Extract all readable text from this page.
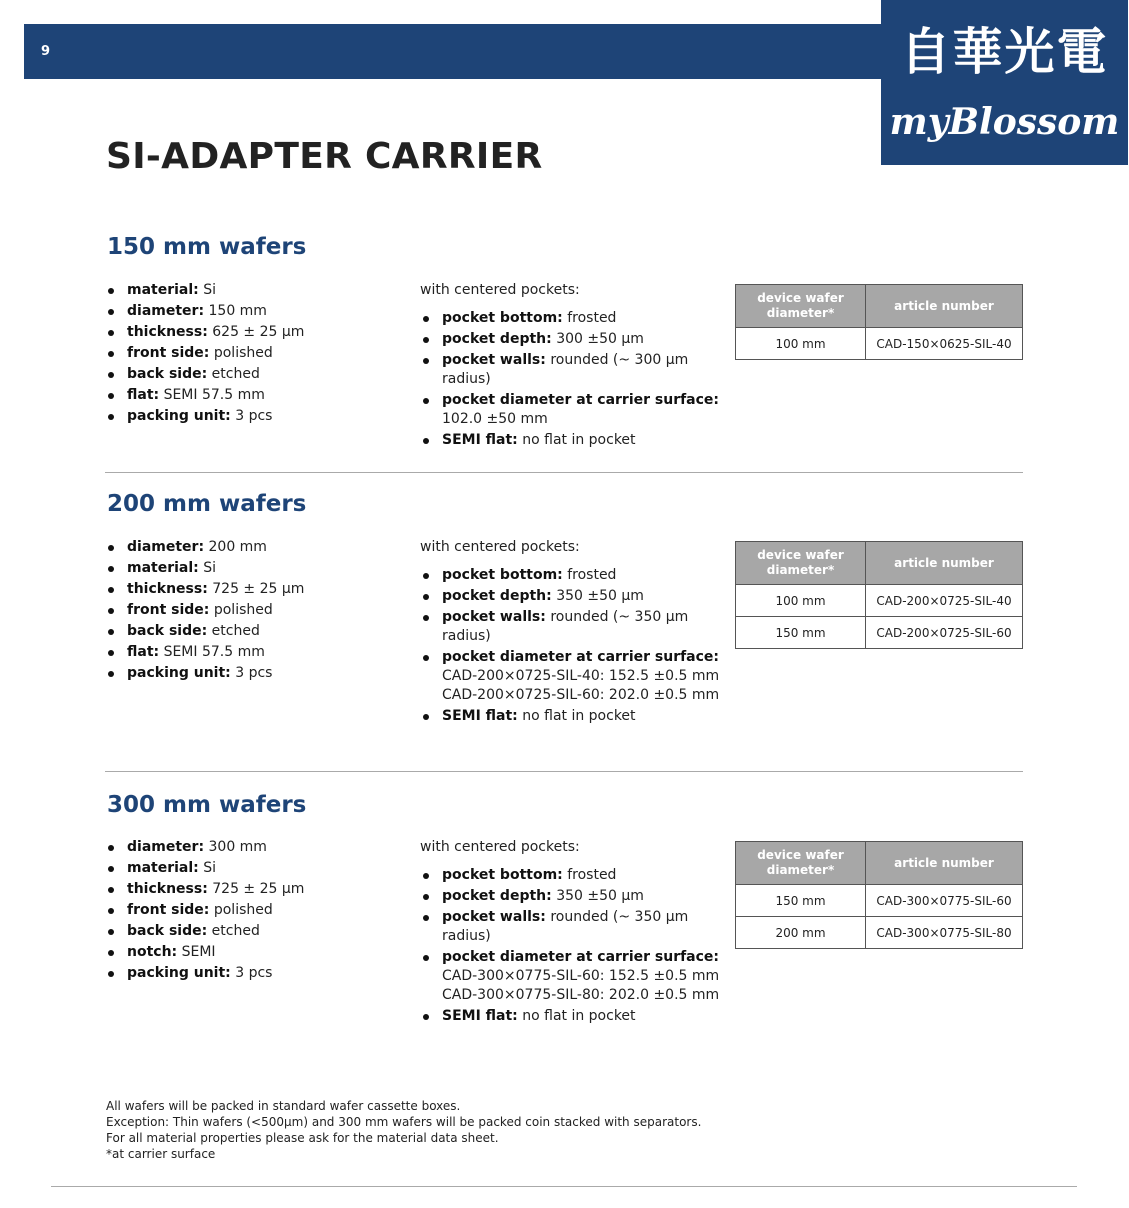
9	自華光電
myBlossom
SI-ADAPTER CARRIER
150 mm wafers
material: Si
diameter: 150 mm
thickness: 625 ± 25 µm
front side: polished
back side: etched
flat: SEMI 57.5 mm
packing unit: 3 pcs
with centered pockets:
pocket bottom: frosted
pocket depth: 300 ±50 µm
pocket walls: rounded (~ 300 µm radius)
pocket diameter at carrier surface: 102.0 ±50 mm
SEMI flat: no flat in pocket
device wafer diameter*	article number
100 mm	CAD-150×0625-SIL-40
200 mm wafers
diameter: 200 mm
material: Si
thickness: 725 ± 25 µm
front side: polished
back side: etched
flat: SEMI 57.5 mm
packing unit: 3 pcs
with centered pockets:
pocket bottom: frosted
pocket depth: 350 ±50 µm
pocket walls: rounded (~ 350 µm radius)
pocket diameter at carrier surface:
CAD-200×0725-SIL-40: 152.5 ±0.5 mm
CAD-200×0725-SIL-60: 202.0 ±0.5 mm
SEMI flat: no flat in pocket
device wafer diameter*	article number
100 mm	CAD-200×0725-SIL-40
150 mm	CAD-200×0725-SIL-60
300 mm wafers
diameter: 300 mm
material: Si
thickness: 725 ± 25 µm
front side: polished
back side: etched
notch: SEMI
packing unit: 3 pcs
with centered pockets:
pocket bottom: frosted
pocket depth: 350 ±50 µm
pocket walls: rounded (~ 350 µm radius)
pocket diameter at carrier surface:
CAD-300×0775-SIL-60: 152.5 ±0.5 mm
CAD-300×0775-SIL-80: 202.0 ±0.5 mm
SEMI flat: no flat in pocket
device wafer diameter*	article number
150 mm	CAD-300×0775-SIL-60
200 mm	CAD-300×0775-SIL-80

All wafers will be packed in standard wafer cassette boxes.

Exception: Thin wafers (<500µm) and 300 mm wafers will be packed coin stacked with separators.

For all material properties please ask for the material data sheet.

*at carrier surface
